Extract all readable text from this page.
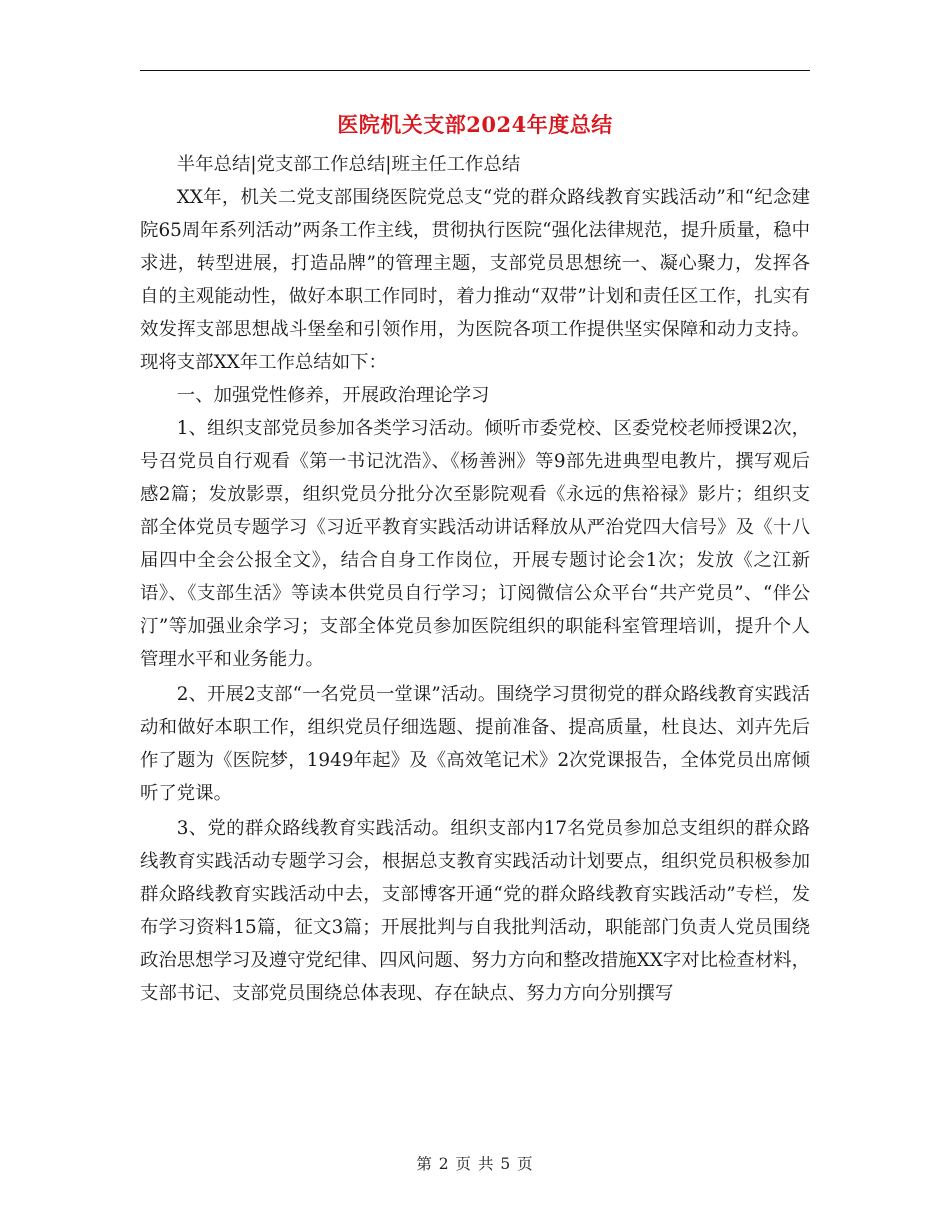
医院机关支部2024年度总结

半年总结|党支部工作总结|班主任工作总结

XX年，机关二党支部围绕医院党总支“党的群众路线教育实践活动”和“纪念建院65周年系列活动”两条工作主线，贯彻执行医院“强化法律规范，提升质量，稳中求进，转型进展，打造品牌”的管理主题，支部党员思想统一、凝心聚力，发挥各自的主观能动性，做好本职工作同时，着力推动“双带”计划和责任区工作，扎实有效发挥支部思想战斗堡垒和引领作用，为医院各项工作提供坚实保障和动力支持。现将支部XX年工作总结如下：

一、加强党性修养，开展政治理论学习

1、组织支部党员参加各类学习活动。倾听市委党校、区委党校老师授课2次，号召党员自行观看《第一书记沈浩》、《杨善洲》等9部先进典型电教片，撰写观后感2篇；发放影票，组织党员分批分次至影院观看《永远的焦裕禄》影片；组织支部全体党员专题学习《习近平教育实践活动讲话释放从严治党四大信号》及《十八届四中全会公报全文》，结合自身工作岗位，开展专题讨论会1次；发放《之江新语》、《支部生活》等读本供党员自行学习；订阅微信公众平台“共产党员”、“伴公汀”等加强业余学习；支部全体党员参加医院组织的职能科室管理培训，提升个人管理水平和业务能力。

2、开展2支部“一名党员一堂课”活动。围绕学习贯彻党的群众路线教育实践活动和做好本职工作，组织党员仔细选题、提前准备、提高质量，杜良达、刘卉先后作了题为《医院梦，1949年起》及《高效笔记术》2次党课报告，全体党员出席倾听了党课。

3、党的群众路线教育实践活动。组织支部内17名党员参加总支组织的群众路线教育实践活动专题学习会，根据总支教育实践活动计划要点，组织党员积极参加群众路线教育实践活动中去，支部博客开通“党的群众路线教育实践活动”专栏，发布学习资料15篇，征文3篇；开展批判与自我批判活动，职能部门负责人党员围绕政治思想学习及遵守党纪律、四风问题、努力方向和整改措施XX字对比检查材料，支部书记、支部党员围绕总体表现、存在缺点、努力方向分别撰写

第 2 页 共 5 页
